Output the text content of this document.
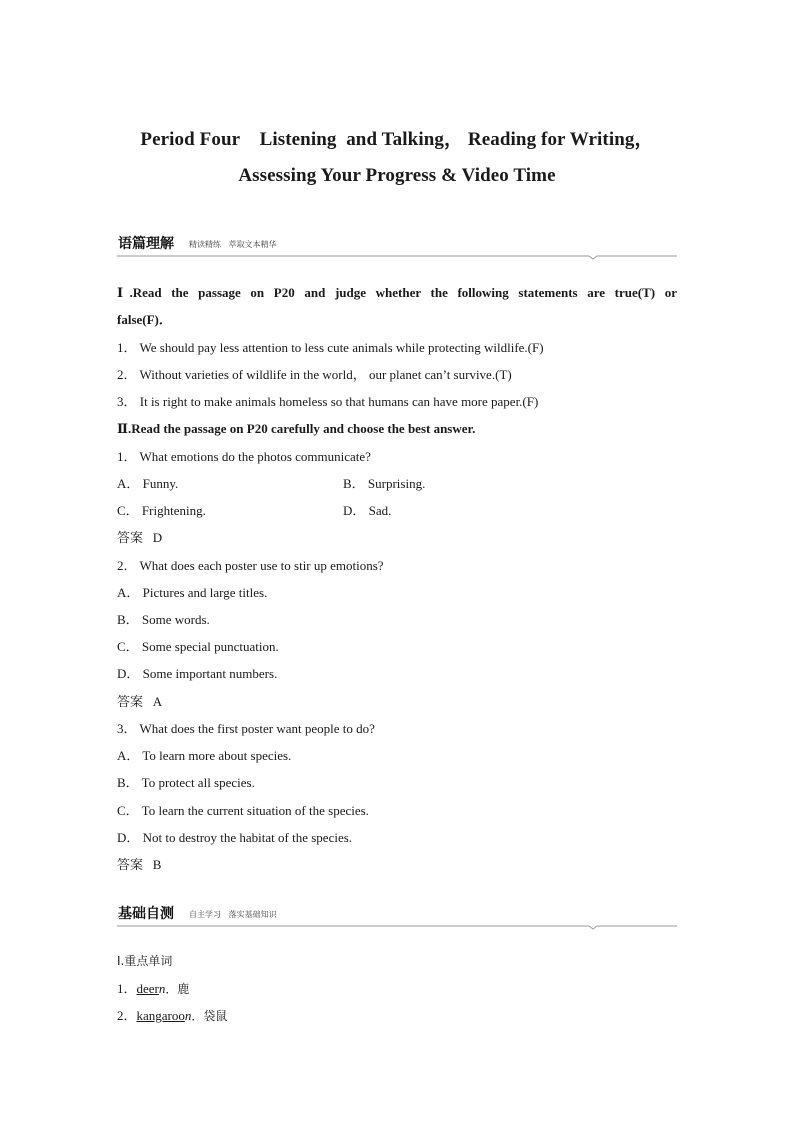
Period Four    Listening  and Talking， Reading for Writing，
Assessing Your Progress & Video Time
语篇理解 精读精练   萃取文本精华
Ⅰ.Read the passage on P20 and judge whether the following statements are true(T) or
false(F)．
1． We should pay less attention to less cute animals while protecting wildlife.(F)
2． Without varieties of wildlife in the world， our planet can’t survive.(T)
3． It is right to make animals homeless so that humans can have more paper.(F)
Ⅱ.Read the passage on P20 carefully and choose the best answer.
1． What emotions do the photos communicate?
A． Funny.	B． Surprising.
C． Frightening.	D． Sad.
答案   D
2． What does each poster use to stir up emotions?
A． Pictures and large titles.
B． Some words.
C． Some special punctuation.
D． Some important numbers.
答案   A
3． What does the first poster want people to do?
A． To learn more about species.
B． To protect all species.
C． To learn the current situation of the species.
D． Not to destroy the habitat of the species.
答案   B
基础自测 自主学习   落实基础知识
Ⅰ.重点单词
1．deern．鹿
2．kangaroon．袋鼠
